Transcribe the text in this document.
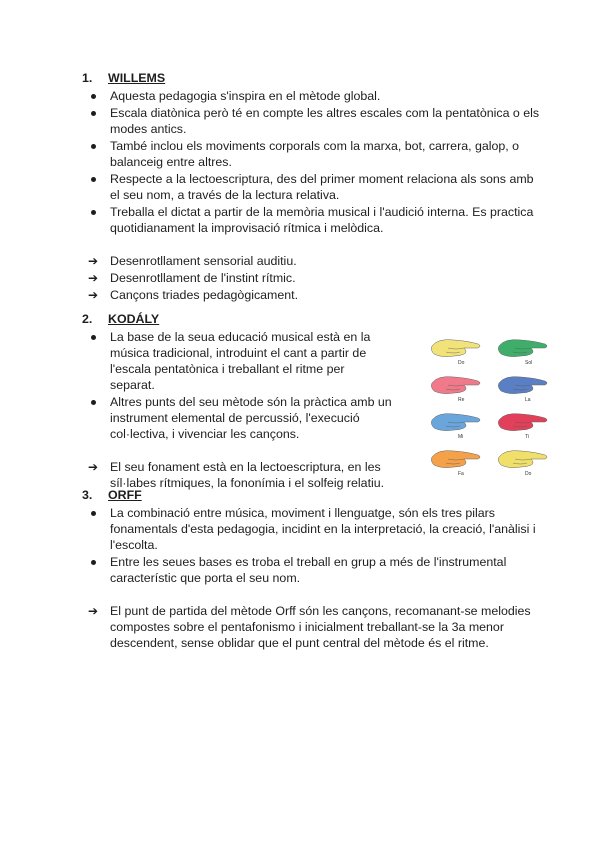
1. WILLEMS
Aquesta pedagogia s'inspira en el mètode global.
Escala diatònica però té en compte les altres escales com la pentatònica o els modes antics.
També inclou els moviments corporals com la marxa, bot, carrera, galop, o balanceig entre altres.
Respecte a la lectoescriptura, des del primer moment relaciona als sons amb el seu nom, a través de la lectura relativa.
Treballa el dictat a partir de la memòria musical i l'audició interna. Es practica quotidianament la improvisació rítmica i melòdica.
➔ Desenrotllament sensorial auditiu.
➔ Desenrotllament de l'instint rítmic.
➔ Cançons triades pedagògicament.
2. KODÁLY
La base de la seua educació musical està en la música tradicional, introduint el cant a partir de l'escala pentatònica i treballant el ritme per separat.
Altres punts del seu mètode són la pràctica amb un instrument elemental de percussió, l'execució col·lectiva, i vivenciar les cançons.
➔ El seu fonament està en la lectoescriptura, en les síl·labes rítmiques, la fononímia i el solfeig relatiu.
Do	Sol
Re	La
Mi	Ti
Fa	Do
3. ORFF
La combinació entre música, moviment i llenguatge, són els tres pilars fonamentals d'esta pedagogia, incidint en la interpretació, la creació, l'anàlisi i l'escolta.
Entre les seues bases es troba el treball en grup a més de l'instrumental característic que porta el seu nom.
➔ El punt de partida del mètode Orff són les cançons, recomanant-se melodies compostes sobre el pentafonismo i inicialment treballant-se la 3a menor descendent, sense oblidar que el punt central del mètode és el ritme.
